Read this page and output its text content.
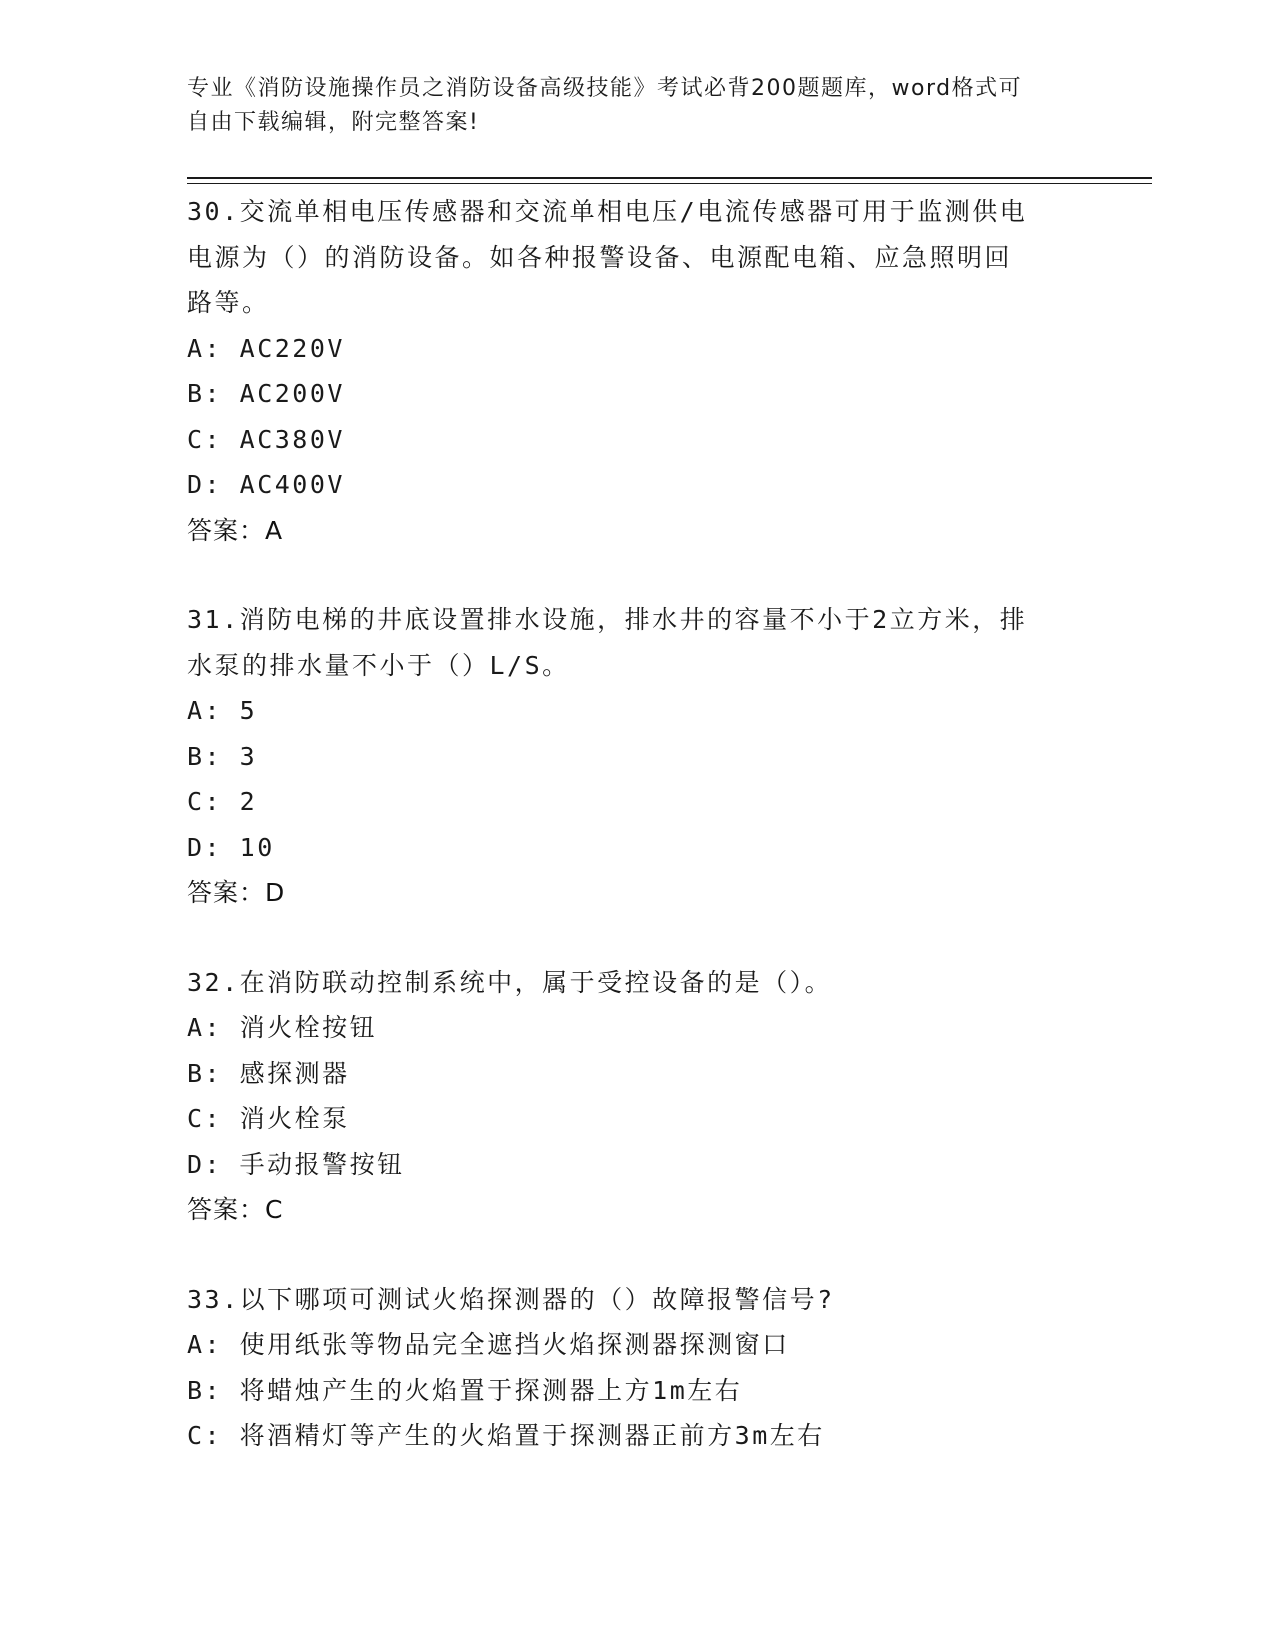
专业《消防设施操作员之消防设备高级技能》考试必背200题题库，word格式可
自由下载编辑，附完整答案!
30.交流单相电压传感器和交流单相电压/电流传感器可用于监测供电
电源为（）的消防设备。如各种报警设备、电源配电箱、应急照明回
路等。
A: AC220V
B: AC200V
C: AC380V
D: AC400V
答案：A
31.消防电梯的井底设置排水设施，排水井的容量不小于2立方米，排
水泵的排水量不小于（）L/S。
A: 5
B: 3
C: 2
D: 10
答案：D
32.在消防联动控制系统中，属于受控设备的是（）。
A: 消火栓按钮
B: 感探测器
C: 消火栓泵
D: 手动报警按钮
答案：C
33.以下哪项可测试火焰探测器的（）故障报警信号?
A: 使用纸张等物品完全遮挡火焰探测器探测窗口
B: 将蜡烛产生的火焰置于探测器上方1m左右
C: 将酒精灯等产生的火焰置于探测器正前方3m左右
